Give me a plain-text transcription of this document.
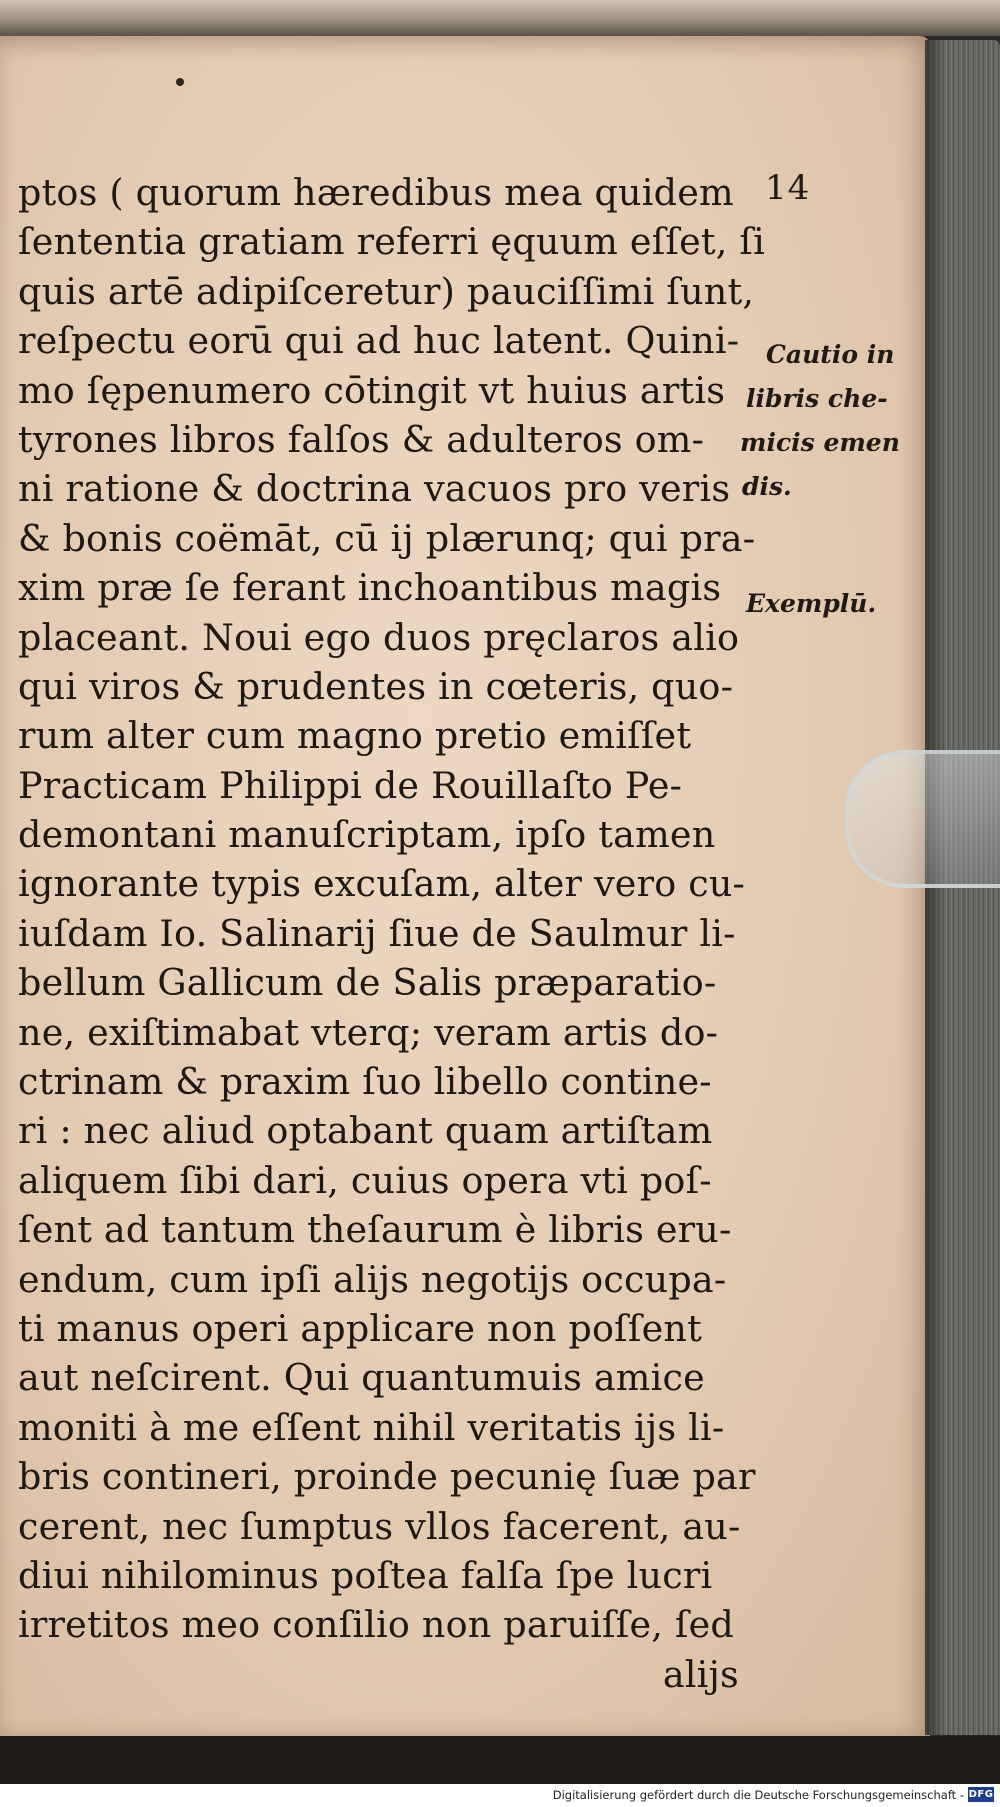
14
ptos ( quorum hæredibus mea quidem
ſententia gratiam referri ęquum eſſet, ſi
quis artē adipiſceretur) pauciſſimi ſunt,
reſpectu eorū qui ad huc latent. Quini-
mo ſępenumero cōtingit vt huius artis
tyrones libros falſos & adulteros om-
ni ratione & doctrina vacuos pro veris
& bonis coëmāt, cū ij plærunq; qui pra-
xim præ ſe ferant inchoantibus magis
placeant. Noui ego duos pręclaros alio
qui viros & prudentes in cœteris, quo-
rum alter cum magno pretio emiſſet
Practicam Philippi de Rouillaſto Pe-
demontani manuſcriptam, ipſo tamen
ignorante typis excuſam, alter vero cu-
iuſdam Io. Salinarij ſiue de Saulmur li-
bellum Gallicum de Salis præparatio-
ne, exiſtimabat vterq; veram artis do-
ctrinam & praxim ſuo libello contine-
ri : nec aliud optabant quam artiſtam
aliquem ſibi dari, cuius opera vti poſ-
ſent ad tantum theſaurum è libris eru-
endum, cum ipſi alijs negotijs occupa-
ti manus operi applicare non poſſent
aut neſcirent. Qui quantumuis amice
moniti à me eſſent nihil veritatis ijs li-
bris contineri, proinde pecunię ſuæ par
cerent, nec ſumptus vllos facerent, au-
diui nihilominus poſtea falſa ſpe lucri
irretitos meo conſilio non paruiſſe, ſed
alijs
Cautio in
libris che-
micis emen
dis.
Exemplū.
Digitalisierung gefördert durch die Deutsche Forschungsgemeinschaft - DFG
